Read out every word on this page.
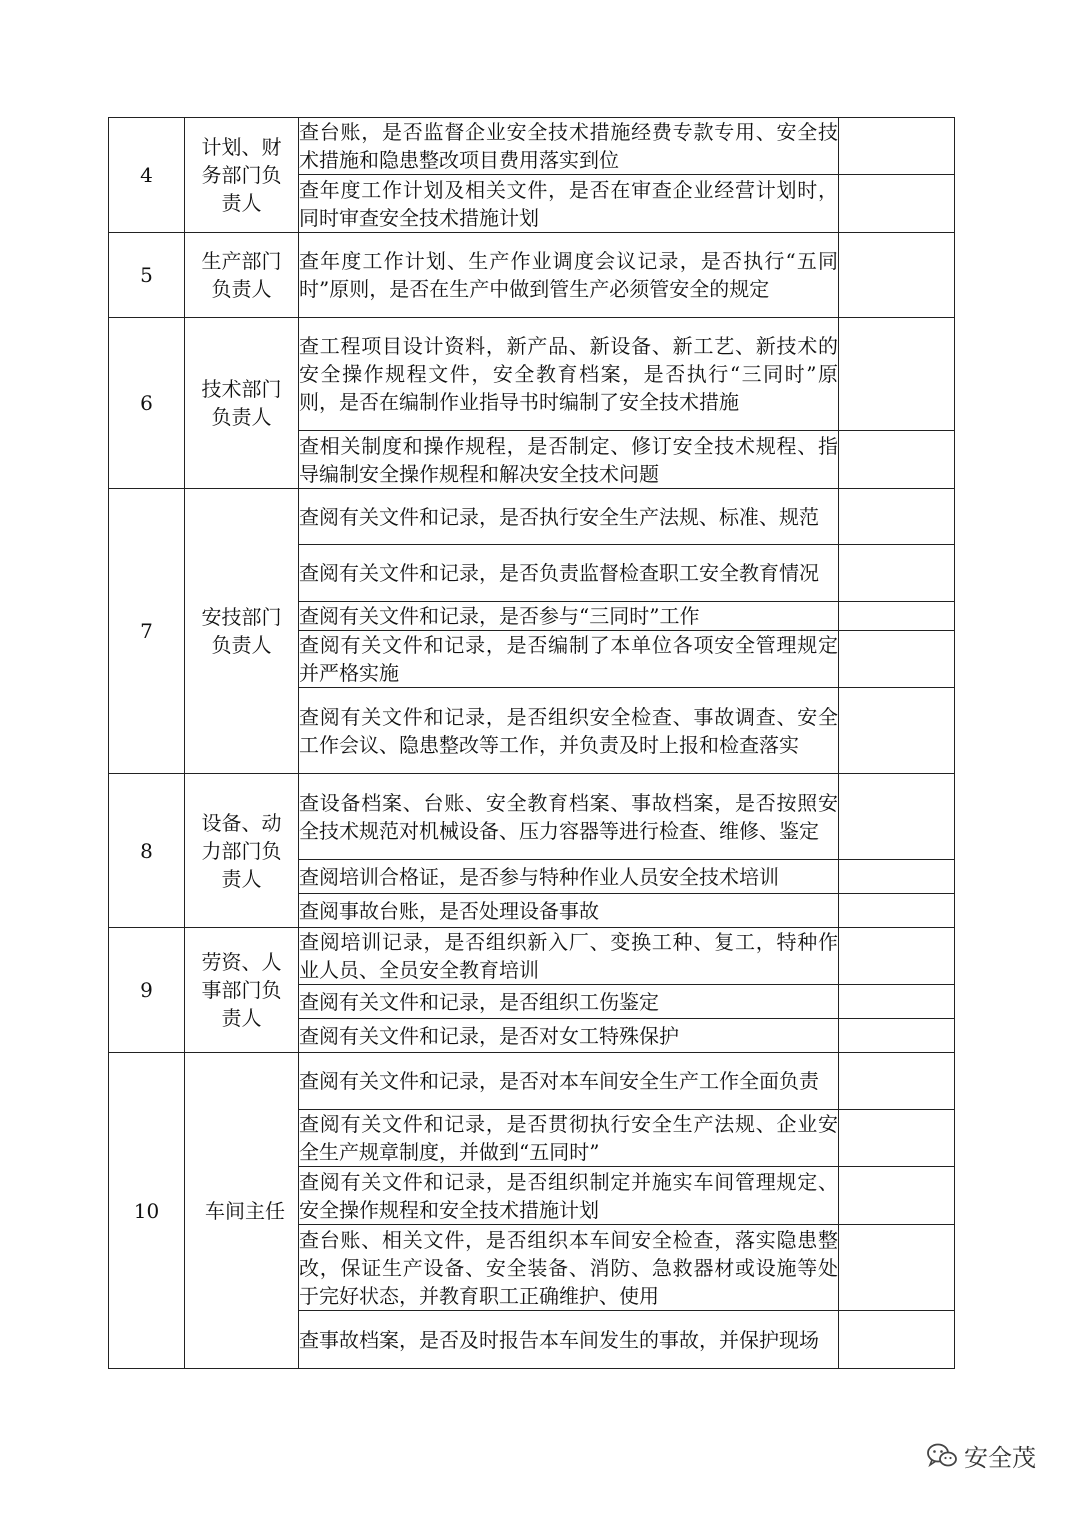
4	计划、财务部门负责人	查台账，是否监督企业安全技术措施经费专款专用、安全技术措施和隐患整改项目费用落实到位	
		查年度工作计划及相关文件，是否在审查企业经营计划时，同时审查安全技术措施计划	
5	生产部门负责人	查年度工作计划、生产作业调度会议记录，是否执行“五同时”原则，是否在生产中做到管生产必须管安全的规定	
6	技术部门负责人	查工程项目设计资料，新产品、新设备、新工艺、新技术的安全操作规程文件，安全教育档案，是否执行“三同时”原则，是否在编制作业指导书时编制了安全技术措施	
		查相关制度和操作规程，是否制定、修订安全技术规程、指导编制安全操作规程和解决安全技术问题	
7	安技部门负责人	查阅有关文件和记录，是否执行安全生产法规、标准、规范	
		查阅有关文件和记录，是否负责监督检查职工安全教育情况	
		查阅有关文件和记录，是否参与“三同时”工作	
		查阅有关文件和记录，是否编制了本单位各项安全管理规定并严格实施	
		查阅有关文件和记录，是否组织安全检查、事故调查、安全工作会议、隐患整改等工作，并负责及时上报和检查落实	
8	设备、动力部门负责人	查设备档案、台账、安全教育档案、事故档案，是否按照安全技术规范对机械设备、压力容器等进行检查、维修、鉴定	
		查阅培训合格证，是否参与特种作业人员安全技术培训	
		查阅事故台账，是否处理设备事故	
9	劳资、人事部门负责人	查阅培训记录，是否组织新入厂、变换工种、复工，特种作业人员、全员安全教育培训	
		查阅有关文件和记录，是否组织工伤鉴定	
		查阅有关文件和记录，是否对女工特殊保护	
10	车间主任	查阅有关文件和记录，是否对本车间安全生产工作全面负责	
		查阅有关文件和记录，是否贯彻执行安全生产法规、企业安全生产规章制度，并做到“五同时”	
		查阅有关文件和记录，是否组织制定并施实车间管理规定、安全操作规程和安全技术措施计划	
		查台账、相关文件，是否组织本车间安全检查，落实隐患整改，保证生产设备、安全装备、消防、急救器材或设施等处于完好状态，并教育职工正确维护、使用	
		查事故档案，是否及时报告本车间发生的事故，并保护现场	
安全茂
